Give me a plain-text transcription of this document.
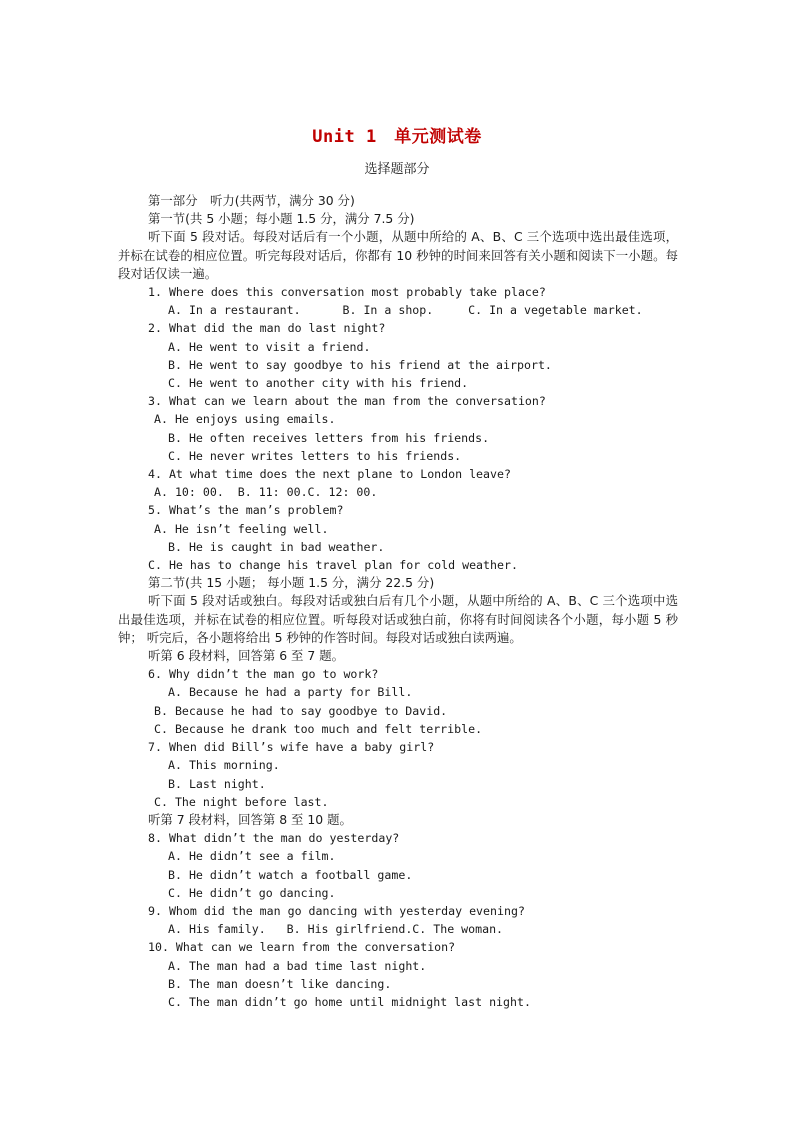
Unit 1　单元测试卷
选择题部分
第一部分　听力(共两节，满分 30 分)
第一节(共 5 小题；每小题 1.5 分，满分 7.5 分)
听下面 5 段对话。每段对话后有一个小题，从题中所给的 A、B、C 三个选项中选出最佳选项，并标在试卷的相应位置。听完每段对话后，你都有 10 秒钟的时间来回答有关小题和阅读下一小题。每段对话仅读一遍。
1. Where does this conversation most probably take place?
A. In a restaurant.      B. In a shop.     C. In a vegetable market.
2. What did the man do last night?
A. He went to visit a friend.
B. He went to say goodbye to his friend at the airport.
C. He went to another city with his friend.
3. What can we learn about the man from the conversation?
A. He enjoys using emails.
B. He often receives letters from his friends.
C. He never writes letters to his friends.
4. At what time does the next plane to London leave?
A. 10: 00.  B. 11: 00.C. 12: 00.
5. What’s the man’s problem?
A. He isn’t feeling well.
B. He is caught in bad weather.
C. He has to change his travel plan for cold weather.
第二节(共 15 小题； 每小题 1.5 分，满分 22.5 分)
听下面 5 段对话或独白。每段对话或独白后有几个小题，从题中所给的 A、B、C 三个选项中选出最佳选项，并标在试卷的相应位置。听每段对话或独白前，你将有时间阅读各个小题，每小题 5 秒钟； 听完后，各小题将给出 5 秒钟的作答时间。每段对话或独白读两遍。
听第 6 段材料，回答第 6 至 7 题。
6. Why didn’t the man go to work?
A. Because he had a party for Bill.
B. Because he had to say goodbye to David.
C. Because he drank too much and felt terrible.
7. When did Bill’s wife have a baby girl?
A. This morning.
B. Last night.
C. The night before last.
听第 7 段材料，回答第 8 至 10 题。
8. What didn’t the man do yesterday?
A. He didn’t see a film.
B. He didn’t watch a football game.
C. He didn’t go dancing.
9. Whom did the man go dancing with yesterday evening?
A. His family.   B. His girlfriend.C. The woman.
10. What can we learn from the conversation?
A. The man had a bad time last night.
B. The man doesn’t like dancing.
C. The man didn’t go home until midnight last night.
